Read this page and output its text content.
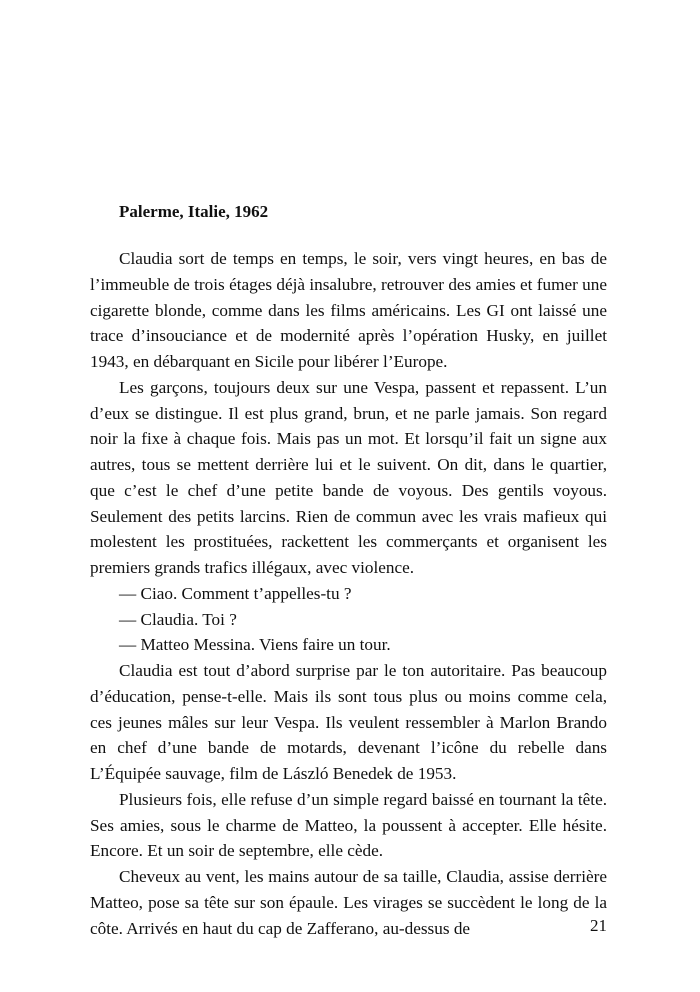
Palerme, Italie, 1962

Claudia sort de temps en temps, le soir, vers vingt heures, en bas de l’immeuble de trois étages déjà insalubre, retrouver des amies et fumer une cigarette blonde, comme dans les films américains. Les GI ont laissé une trace d’insouciance et de modernité après l’opération Husky, en juillet 1943, en débarquant en Sicile pour libérer l’Europe.

Les garçons, toujours deux sur une Vespa, passent et repassent. L’un d’eux se distingue. Il est plus grand, brun, et ne parle jamais. Son regard noir la fixe à chaque fois. Mais pas un mot. Et lorsqu’il fait un signe aux autres, tous se mettent derrière lui et le suivent. On dit, dans le quartier, que c’est le chef d’une petite bande de voyous. Des gentils voyous. Seulement des petits larcins. Rien de commun avec les vrais mafieux qui molestent les prostituées, rackettent les commerçants et organisent les premiers grands trafics illégaux, avec violence.

— Ciao. Comment t’appelles-tu ?

— Claudia. Toi ?

— Matteo Messina. Viens faire un tour.

Claudia est tout d’abord surprise par le ton autoritaire. Pas beaucoup d’éducation, pense-t-elle. Mais ils sont tous plus ou moins comme cela, ces jeunes mâles sur leur Vespa. Ils veulent ressembler à Marlon Brando en chef d’une bande de motards, devenant l’icône du rebelle dans L’Équipée sauvage, film de László Benedek de 1953.

Plusieurs fois, elle refuse d’un simple regard baissé en tournant la tête. Ses amies, sous le charme de Matteo, la poussent à accepter. Elle hésite. Encore. Et un soir de septembre, elle cède.

Cheveux au vent, les mains autour de sa taille, Claudia, assise derrière Matteo, pose sa tête sur son épaule. Les virages se succèdent le long de la côte. Arrivés en haut du cap de Zafferano, au-dessus de	21
